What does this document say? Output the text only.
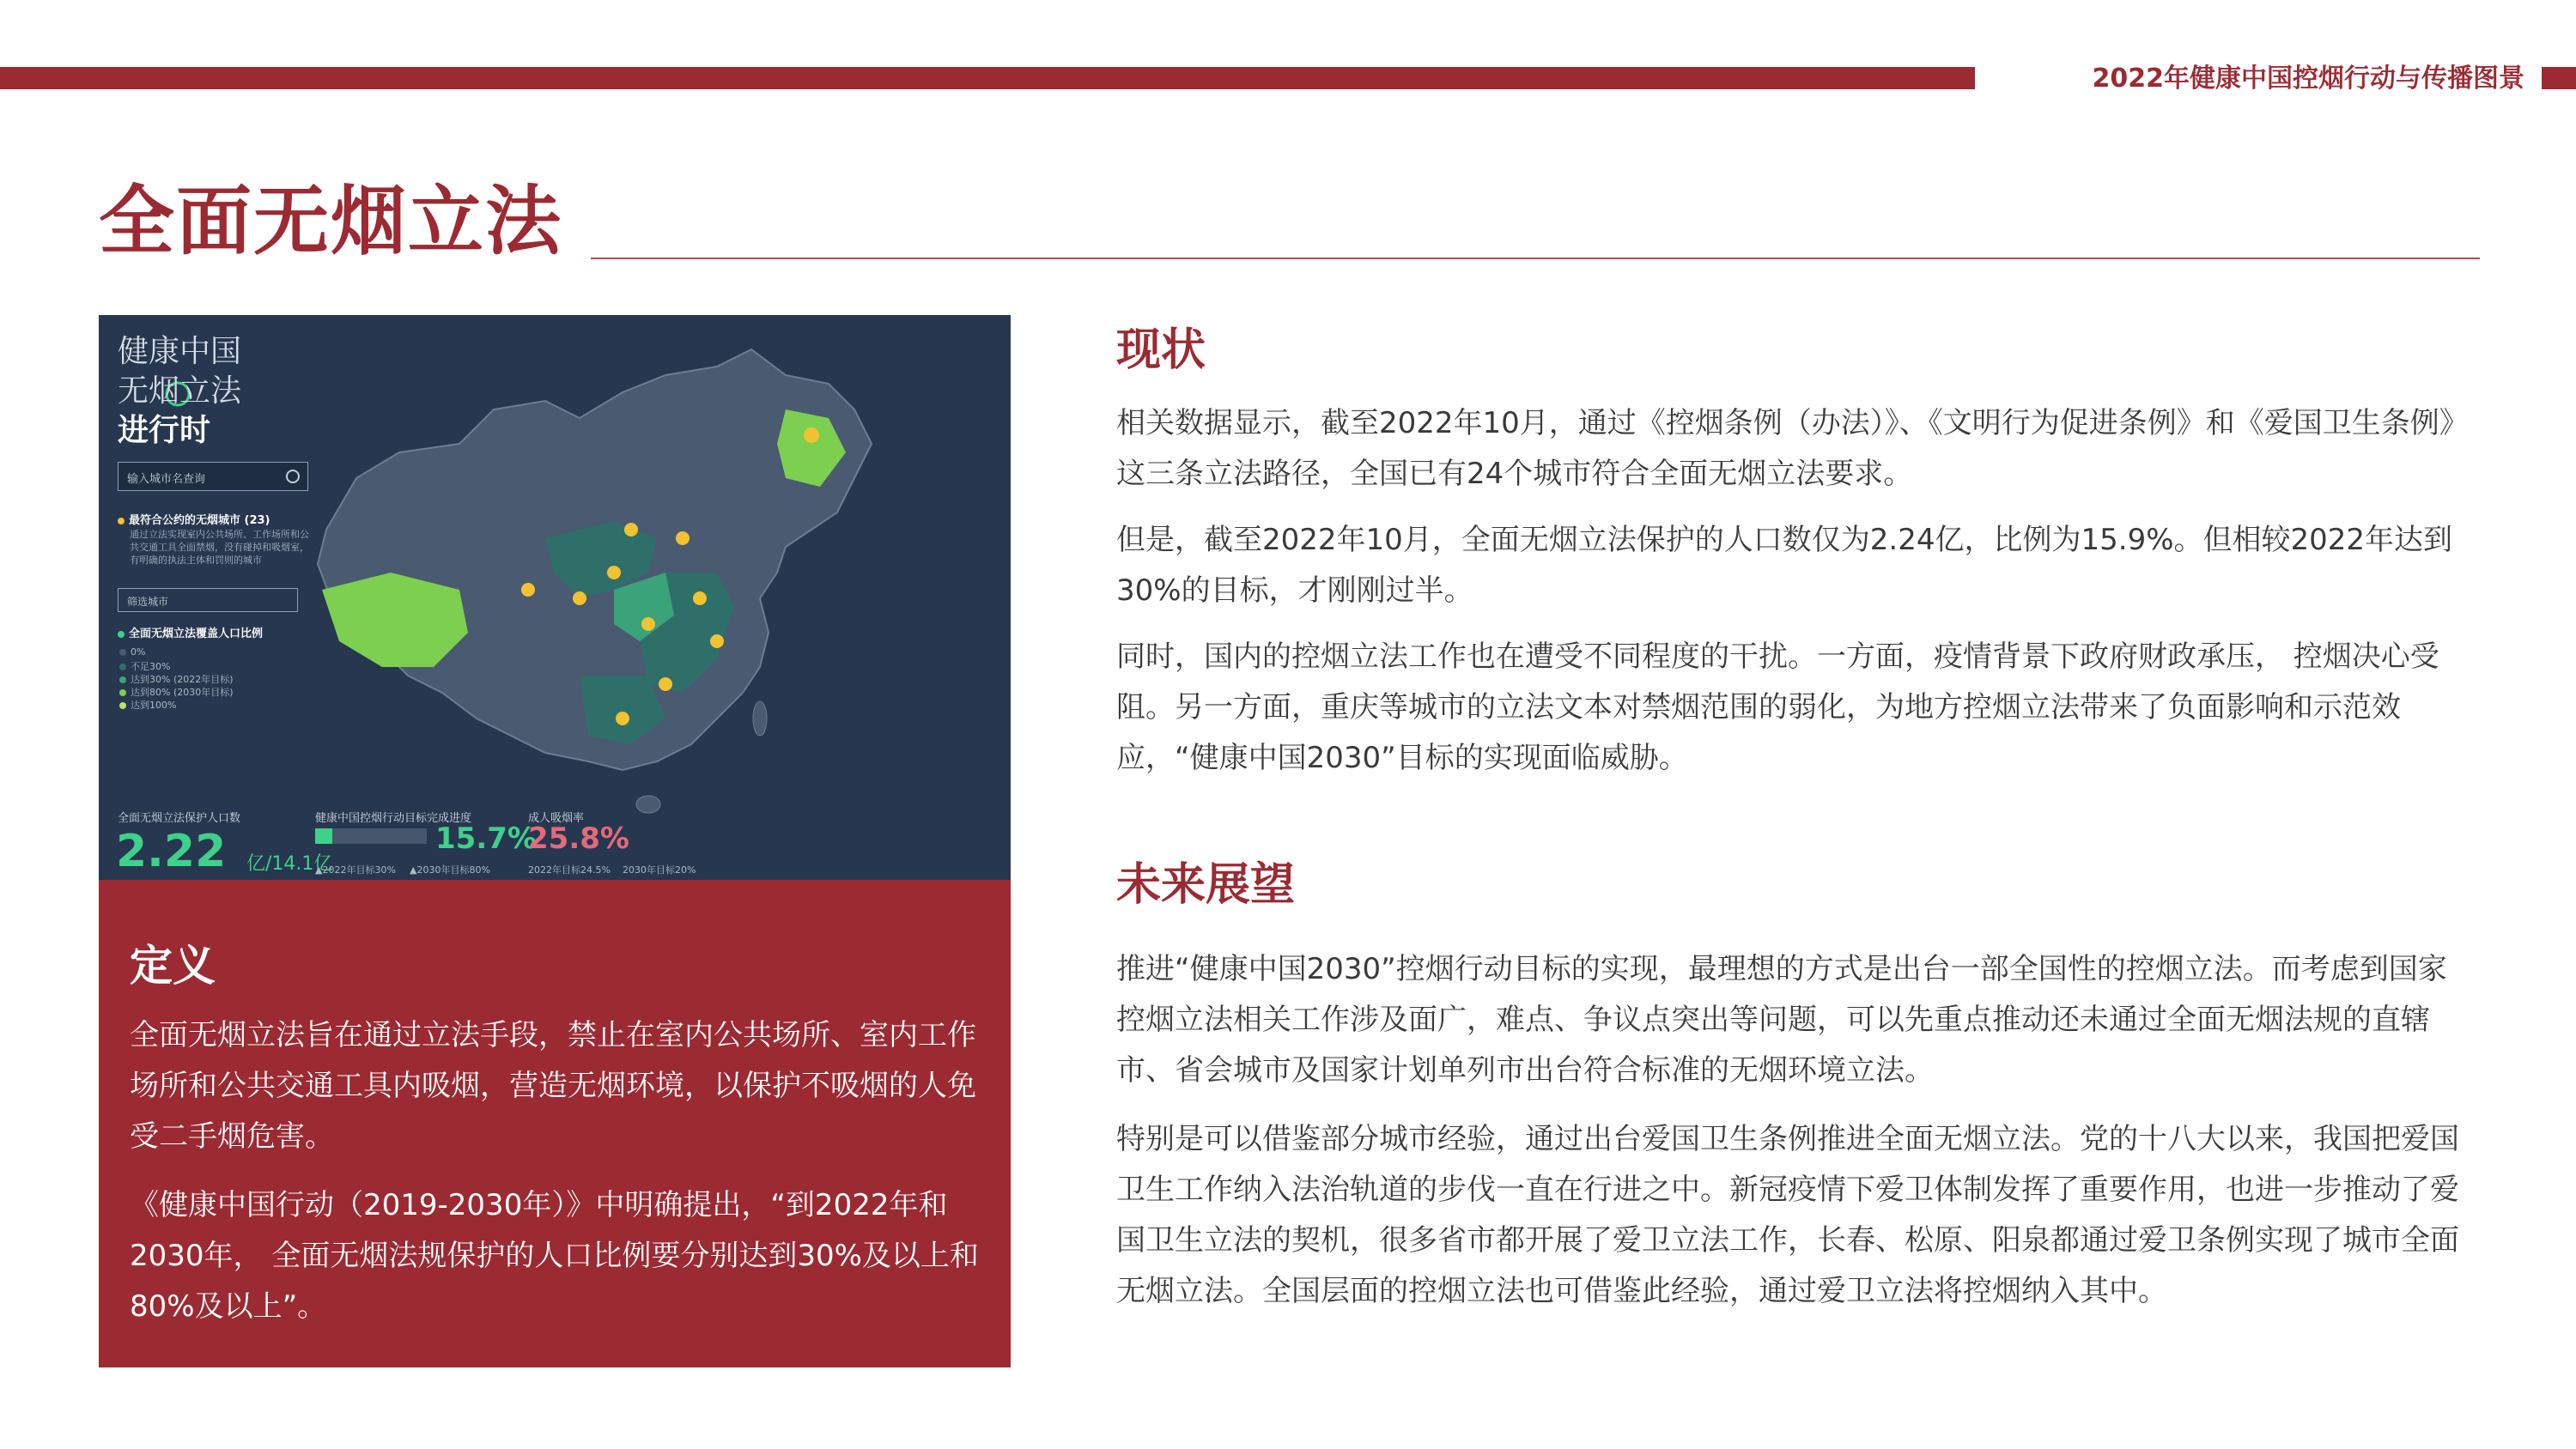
2022年健康中国控烟行动与传播图景
全面无烟立法
健康中国
无烟立法
进行时
输入城市名查询
最符合公约的无烟城市 (23)
通过立法实现室内公共场所、工作场所和公共交通工具全面禁烟，没有碰掉和吸烟室，有明确的执法主体和罚则的城市
筛选城市
全面无烟立法覆盖人口比例
0%
不足30%
达到30% (2022年目标)
达到80% (2030年目标)
达到100%
全面无烟立法保护人口数
2.22 亿/14.1亿
健康中国控烟行动目标完成进度
15.7%
▲2022年目标30% ▲2030年目标80%
成人吸烟率
25.8%
2022年目标24.5% 2030年目标20%
定义
全面无烟立法旨在通过立法手段，禁止在室内公共场所、室内工作场所和公共交通工具内吸烟，营造无烟环境，以保护不吸烟的人免受二手烟危害。
《健康中国行动（2019-2030年）》中明确提出，“到2022年和2030年， 全面无烟法规保护的人口比例要分别达到30%及以上和80%及以上”。
现状
相关数据显示，截至2022年10月，通过《控烟条例（办法）》、《文明行为促进条例》和《爱国卫生条例》这三条立法路径，全国已有24个城市符合全面无烟立法要求。
但是，截至2022年10月，全面无烟立法保护的人口数仅为2.24亿，比例为15.9%。但相较2022年达到30%的目标，才刚刚过半。
同时，国内的控烟立法工作也在遭受不同程度的干扰。一方面，疫情背景下政府财政承压， 控烟决心受阻。另一方面，重庆等城市的立法文本对禁烟范围的弱化，为地方控烟立法带来了负面影响和示范效应，“健康中国2030”目标的实现面临威胁。
未来展望
推进“健康中国2030”控烟行动目标的实现，最理想的方式是出台一部全国性的控烟立法。而考虑到国家控烟立法相关工作涉及面广，难点、争议点突出等问题，可以先重点推动还未通过全面无烟法规的直辖市、省会城市及国家计划单列市出台符合标准的无烟环境立法。
特别是可以借鉴部分城市经验，通过出台爱国卫生条例推进全面无烟立法。党的十八大以来，我国把爱国卫生工作纳入法治轨道的步伐一直在行进之中。新冠疫情下爱卫体制发挥了重要作用，也进一步推动了爱国卫生立法的契机，很多省市都开展了爱卫立法工作，长春、松原、阳泉都通过爱卫条例实现了城市全面无烟立法。全国层面的控烟立法也可借鉴此经验，通过爱卫立法将控烟纳入其中。
